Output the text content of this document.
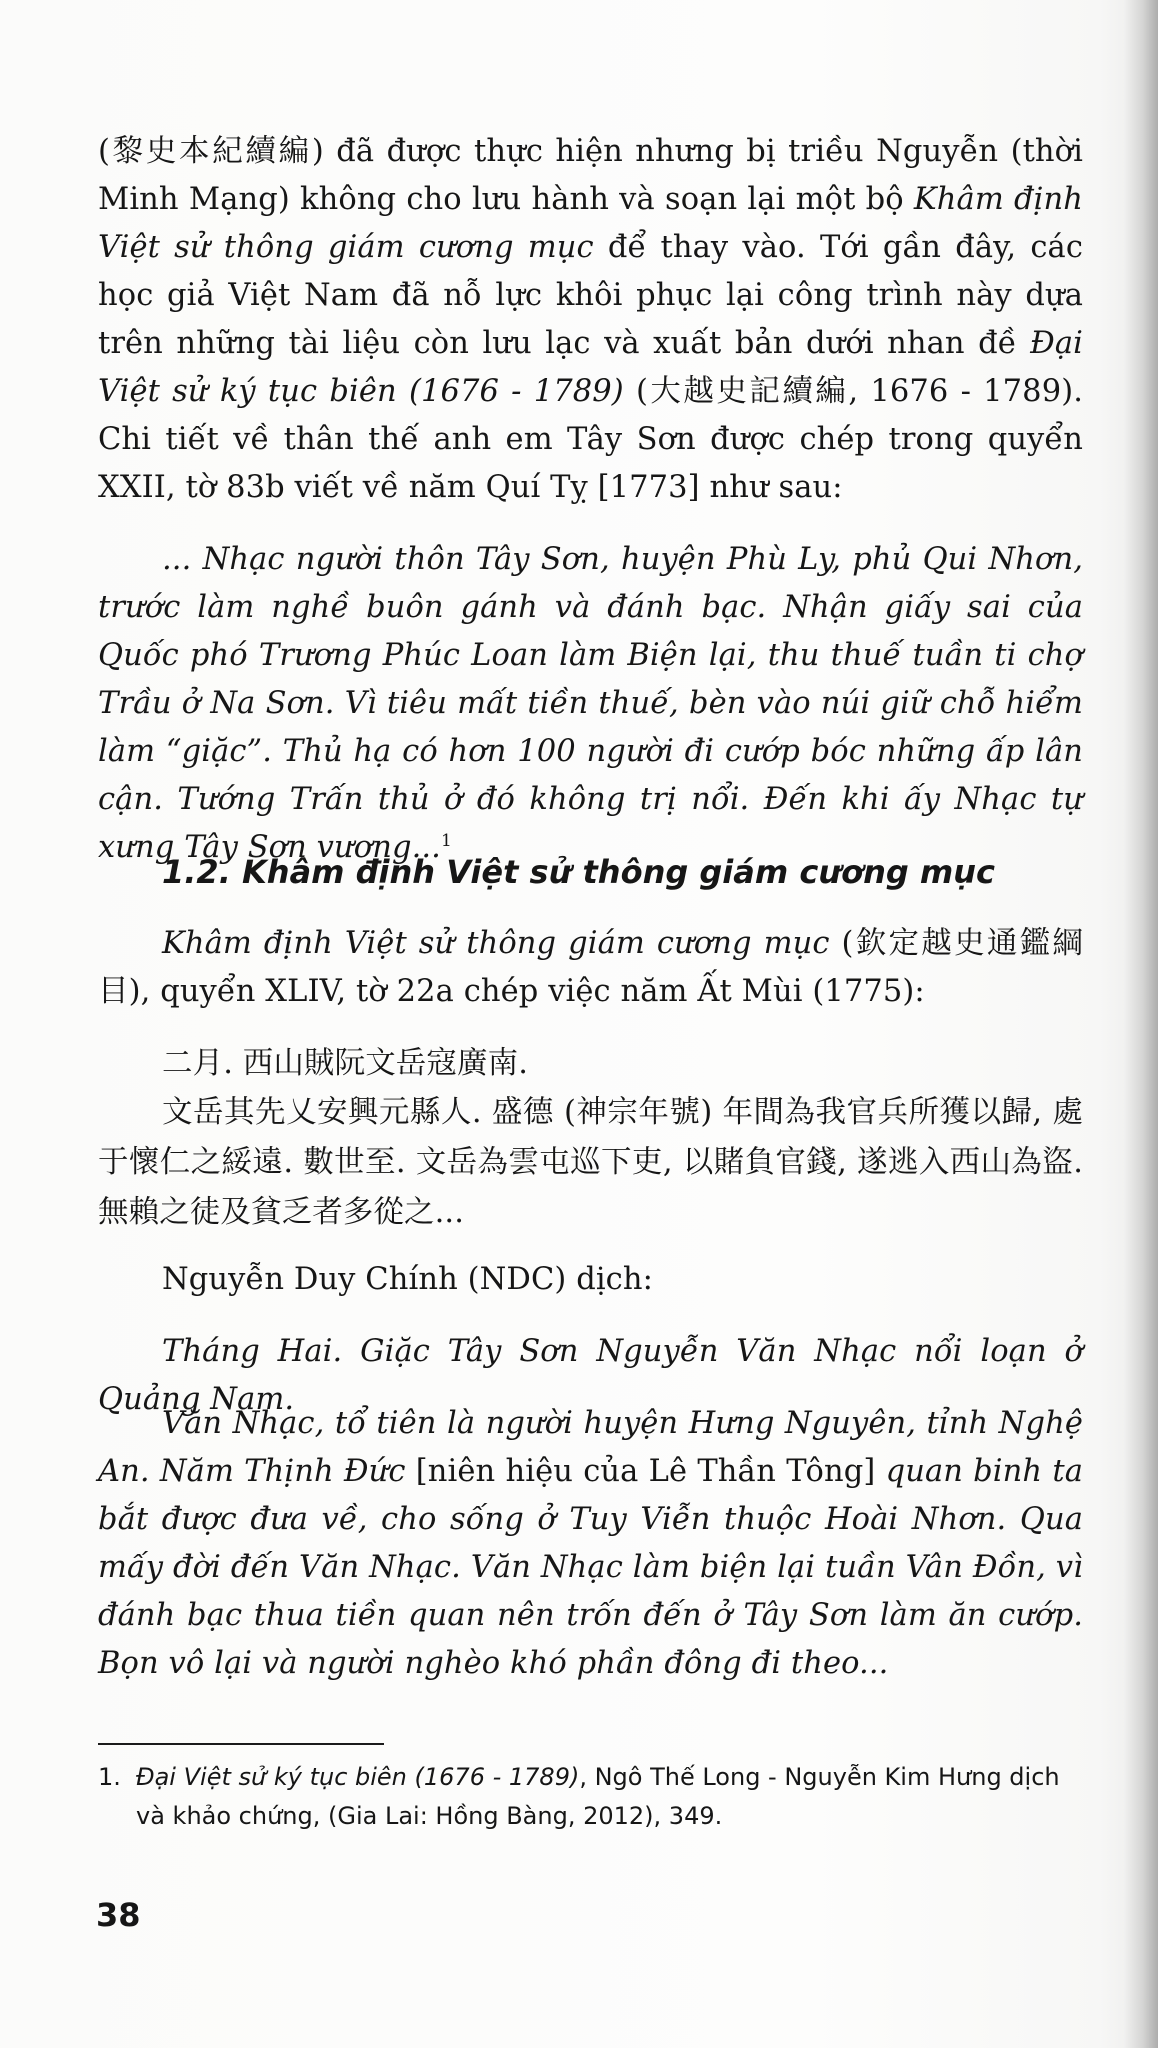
(黎史本紀續編) đã được thực hiện nhưng bị triều Nguyễn (thời Minh Mạng) không cho lưu hành và soạn lại một bộ Khâm định Việt sử thông giám cương mục để thay vào. Tới gần đây, các học giả Việt Nam đã nỗ lực khôi phục lại công trình này dựa trên những tài liệu còn lưu lạc và xuất bản dưới nhan đề Đại Việt sử ký tục biên (1676 - 1789) (大越史記續編, 1676 - 1789). Chi tiết về thân thế anh em Tây Sơn được chép trong quyển XXII, tờ 83b viết về năm Quí Tỵ [1773] như sau:

... Nhạc người thôn Tây Sơn, huyện Phù Ly, phủ Qui Nhơn, trước làm nghề buôn gánh và đánh bạc. Nhận giấy sai của Quốc phó Trương Phúc Loan làm Biện lại, thu thuế tuần ti chợ Trầu ở Na Sơn. Vì tiêu mất tiền thuế, bèn vào núi giữ chỗ hiểm làm “giặc”. Thủ hạ có hơn 100 người đi cướp bóc những ấp lân cận. Tướng Trấn thủ ở đó không trị nổi. Đến khi ấy Nhạc tự xưng Tây Sơn vương...$^1$

1.2. Khâm định Việt sử thông giám cương mục

Khâm định Việt sử thông giám cương mục (欽定越史通鑑綱目), quyển XLIV, tờ 22a chép việc năm Ất Mùi (1775):

二月. 西山賊阮文岳寇廣南.

文岳其先乂安興元縣人. 盛德 (神宗年號) 年間為我官兵所獲以歸, 處于懷仁之綏遠. 數世至. 文岳為雲屯巡下吏, 以賭負官錢, 遂逃入西山為盜. 無賴之徒及貧乏者多從之...

Nguyễn Duy Chính (NDC) dịch:

Tháng Hai. Giặc Tây Sơn Nguyễn Văn Nhạc nổi loạn ở Quảng Nam.

Văn Nhạc, tổ tiên là người huyện Hưng Nguyên, tỉnh Nghệ An. Năm Thịnh Đức [niên hiệu của Lê Thần Tông] quan binh ta bắt được đưa về, cho sống ở Tuy Viễn thuộc Hoài Nhơn. Qua mấy đời đến Văn Nhạc. Văn Nhạc làm biện lại tuần Vân Đồn, vì đánh bạc thua tiền quan nên trốn đến ở Tây Sơn làm ăn cướp. Bọn vô lại và người nghèo khó phần đông đi theo...

1. Đại Việt sử ký tục biên (1676 - 1789), Ngô Thế Long - Nguyễn Kim Hưng dịch và khảo chứng, (Gia Lai: Hồng Bàng, 2012), 349.

38
